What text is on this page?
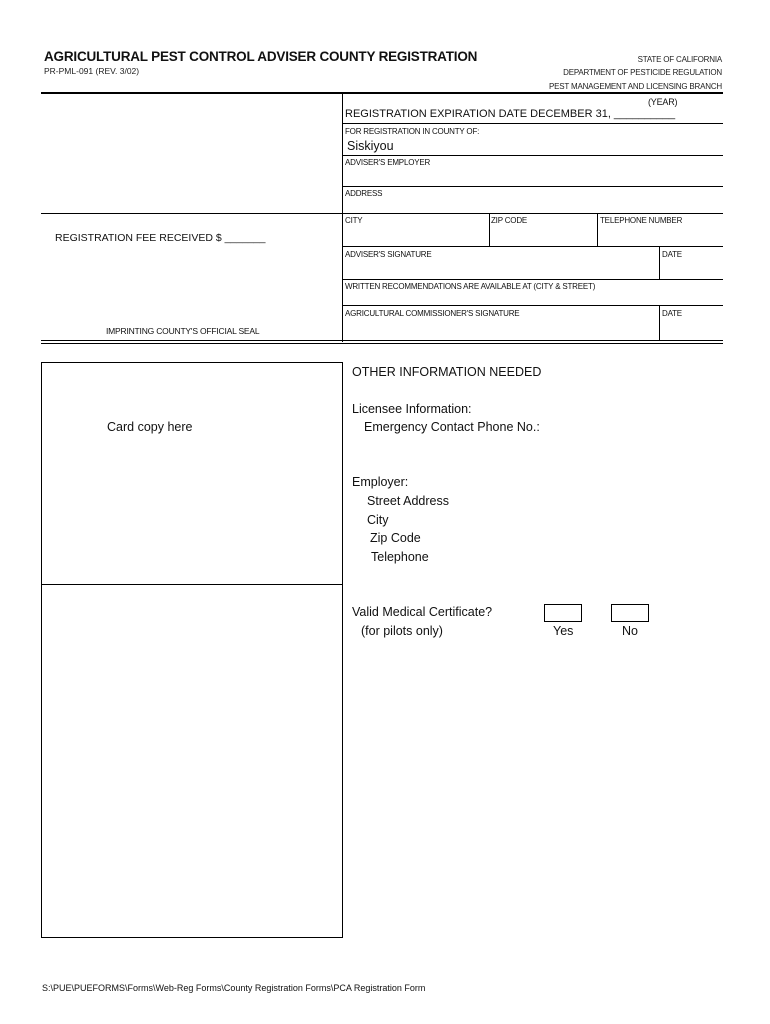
AGRICULTURAL PEST CONTROL ADVISER COUNTY REGISTRATION
PR-PML-091 (REV. 3/02)
STATE OF CALIFORNIA
DEPARTMENT OF PESTICIDE REGULATION
PEST MANAGEMENT AND LICENSING BRANCH
(YEAR)
REGISTRATION EXPIRATION DATE DECEMBER 31, __________
FOR REGISTRATION IN COUNTY OF:
Siskiyou
ADVISER'S EMPLOYER
ADDRESS
CITY	ZIP CODE	TELEPHONE NUMBER
ADVISER'S SIGNATURE	DATE
WRITTEN RECOMMENDATIONS ARE AVAILABLE AT (CITY & STREET)
AGRICULTURAL COMMISSIONER'S SIGNATURE	DATE
REGISTRATION FEE RECEIVED $ _______
IMPRINTING COUNTY'S OFFICIAL SEAL
Card copy here
OTHER INFORMATION NEEDED
Licensee Information:
Emergency Contact Phone No.:
Employer:
Street Address
City
Zip Code
Telephone
Valid Medical Certificate?
(for pilots only)	Yes	No
S:\PUE\PUEFORMS\Forms\Web-Reg Forms\County Registration Forms\PCA Registration Form
